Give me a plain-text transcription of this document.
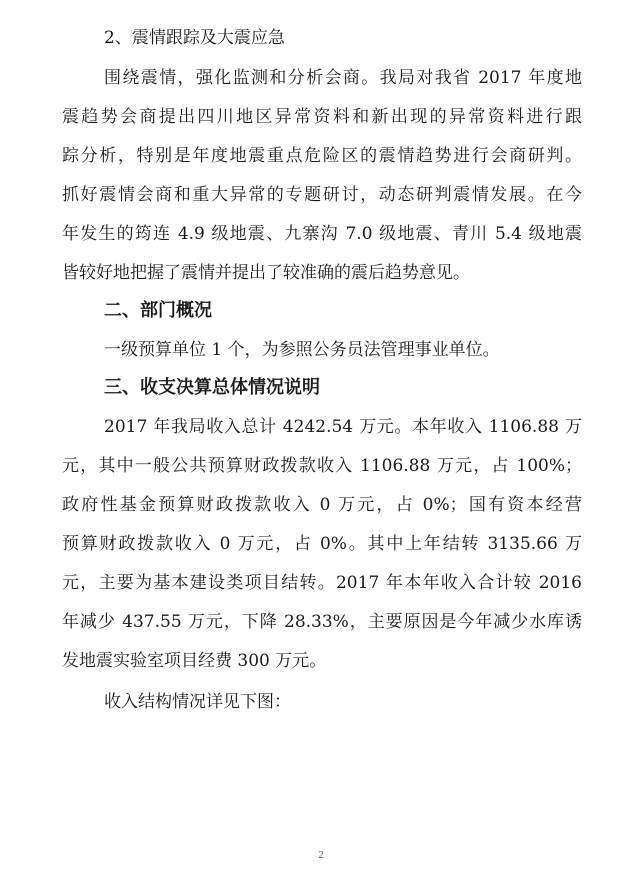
2、震情跟踪及大震应急
围绕震情，强化监测和分析会商。我局对我省 2017 年度地
震趋势会商提出四川地区异常资料和新出现的异常资料进行跟
踪分析，特别是年度地震重点危险区的震情趋势进行会商研判。
抓好震情会商和重大异常的专题研讨，动态研判震情发展。在今
年发生的筠连 4.9 级地震、九寨沟 7.0 级地震、青川 5.4 级地震
皆较好地把握了震情并提出了较准确的震后趋势意见。
二、部门概况
一级预算单位 1 个，为参照公务员法管理事业单位。
三、收支决算总体情况说明
2017 年我局收入总计 4242.54 万元。本年收入 1106.88 万
元，其中一般公共预算财政拨款收入 1106.88 万元，占 100%；
政府性基金预算财政拨款收入 0 万元，占 0%；国有资本经营
预算财政拨款收入 0 万元，占 0%。其中上年结转 3135.66 万
元，主要为基本建设类项目结转。2017 年本年收入合计较 2016
年减少 437.55 万元，下降 28.33%，主要原因是今年减少水库诱
发地震实验室项目经费 300 万元。
收入结构情况详见下图：
2
